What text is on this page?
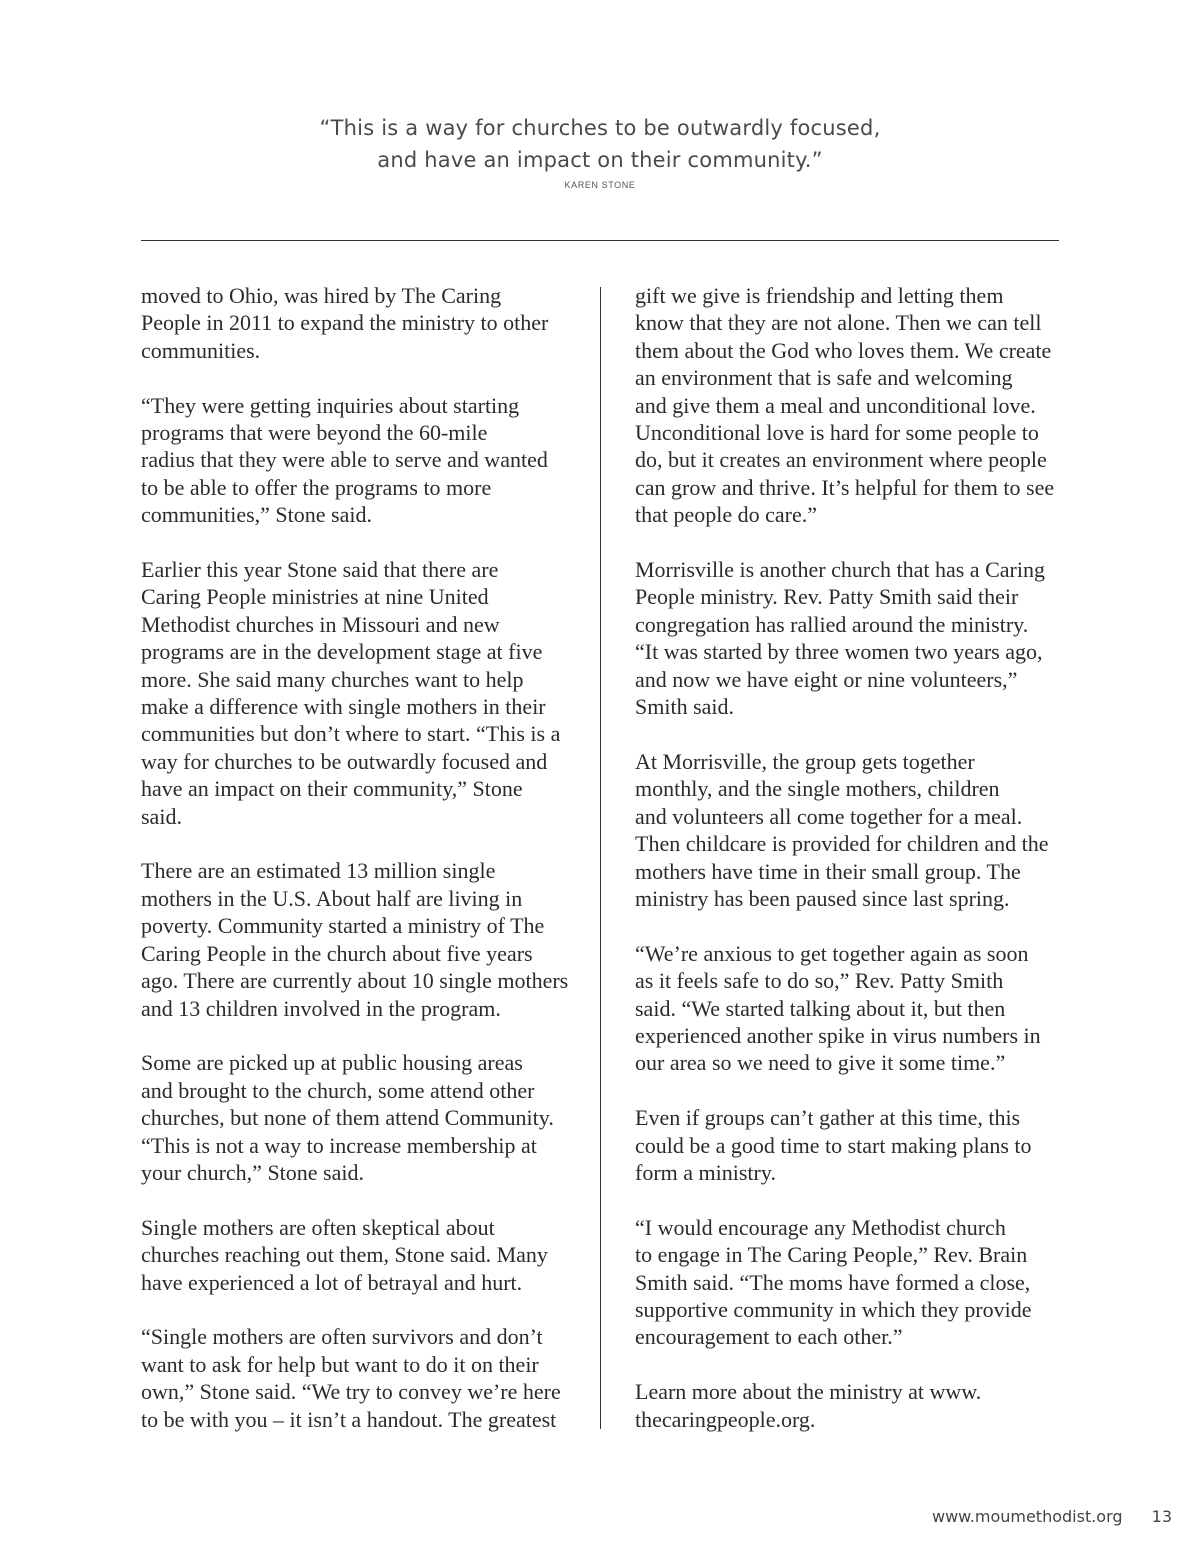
“This is a way for churches to be outwardly focused,
and have an impact on their community.”
KAREN STONE
moved to Ohio, was hired by The Caring
People in 2011 to expand the ministry to other
communities.
“They were getting inquiries about starting
programs that were beyond the 60-mile
radius that they were able to serve and wanted
to be able to offer the programs to more
communities,” Stone said.
Earlier this year Stone said that there are
Caring People ministries at nine United
Methodist churches in Missouri and new
programs are in the development stage at five
more. She said many churches want to help
make a difference with single mothers in their
communities but don’t where to start. “This is a
way for churches to be outwardly focused and
have an impact on their community,” Stone
said.
There are an estimated 13 million single
mothers in the U.S. About half are living in
poverty. Community started a ministry of The
Caring People in the church about five years
ago. There are currently about 10 single mothers
and 13 children involved in the program.
Some are picked up at public housing areas
and brought to the church, some attend other
churches, but none of them attend Community.
“This is not a way to increase membership at
your church,” Stone said.
Single mothers are often skeptical about
churches reaching out them, Stone said. Many
have experienced a lot of betrayal and hurt.
“Single mothers are often survivors and don’t
want to ask for help but want to do it on their
own,” Stone said. “We try to convey we’re here
to be with you – it isn’t a handout. The greatest
gift we give is friendship and letting them
know that they are not alone. Then we can tell
them about the God who loves them. We create
an environment that is safe and welcoming
and give them a meal and unconditional love.
Unconditional love is hard for some people to
do, but it creates an environment where people
can grow and thrive. It’s helpful for them to see
that people do care.”
Morrisville is another church that has a Caring
People ministry. Rev. Patty Smith said their
congregation has rallied around the ministry.
“It was started by three women two years ago,
and now we have eight or nine volunteers,”
Smith said.
At Morrisville, the group gets together
monthly, and the single mothers, children
and volunteers all come together for a meal.
Then childcare is provided for children and the
mothers have time in their small group. The
ministry has been paused since last spring.
“We’re anxious to get together again as soon
as it feels safe to do so,” Rev. Patty Smith
said. “We started talking about it, but then
experienced another spike in virus numbers in
our area so we need to give it some time.”
Even if groups can’t gather at this time, this
could be a good time to start making plans to
form a ministry.
“I would encourage any Methodist church
to engage in The Caring People,” Rev. Brain
Smith said. “The moms have formed a close,
supportive community in which they provide
encouragement to each other.”
Learn more about the ministry at www.
thecaringpeople.org.
www.moumethodist.org 13
